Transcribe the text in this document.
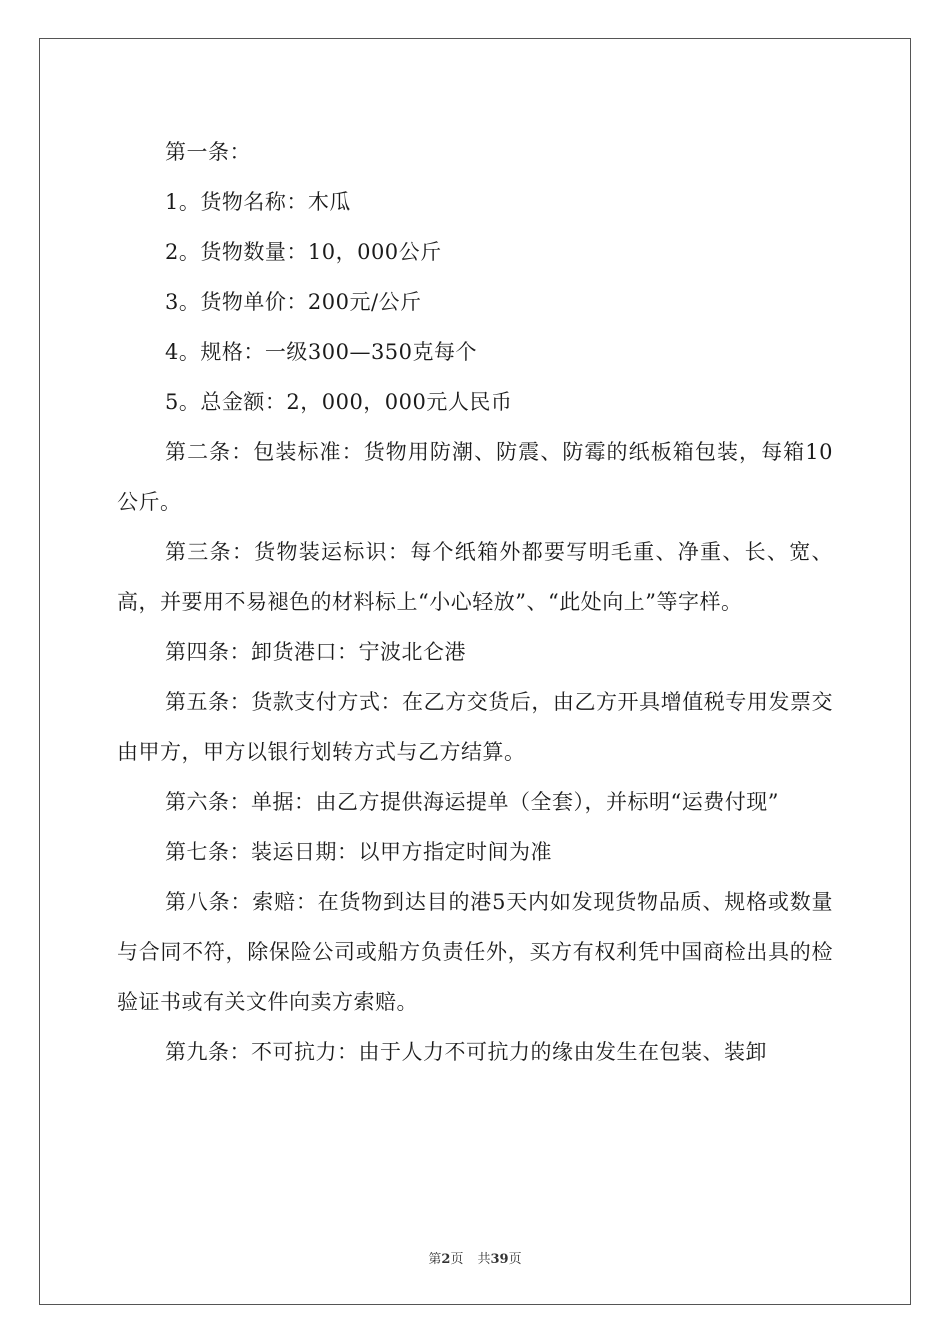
第一条：

1。货物名称：木瓜

2。货物数量：10，000公斤

3。货物单价：200元/公斤

4。规格：一级300—350克每个

5。总金额：2，000，000元人民币

第二条：包装标准：货物用防潮、防震、防霉的纸板箱包装，每箱10公斤。

第三条：货物装运标识：每个纸箱外都要写明毛重、净重、长、宽、高，并要用不易褪色的材料标上“小心轻放”、“此处向上”等字样。

第四条：卸货港口：宁波北仑港

第五条：货款支付方式：在乙方交货后，由乙方开具增值税专用发票交由甲方，甲方以银行划转方式与乙方结算。

第六条：单据：由乙方提供海运提单（全套），并标明“运费付现”

第七条：装运日期：以甲方指定时间为准

第八条：索赔：在货物到达目的港5天内如发现货物品质、规格或数量与合同不符，除保险公司或船方负责任外，买方有权利凭中国商检出具的检验证书或有关文件向卖方索赔。

第九条：不可抗力：由于人力不可抗力的缘由发生在包装、装卸

第2页 共39页
